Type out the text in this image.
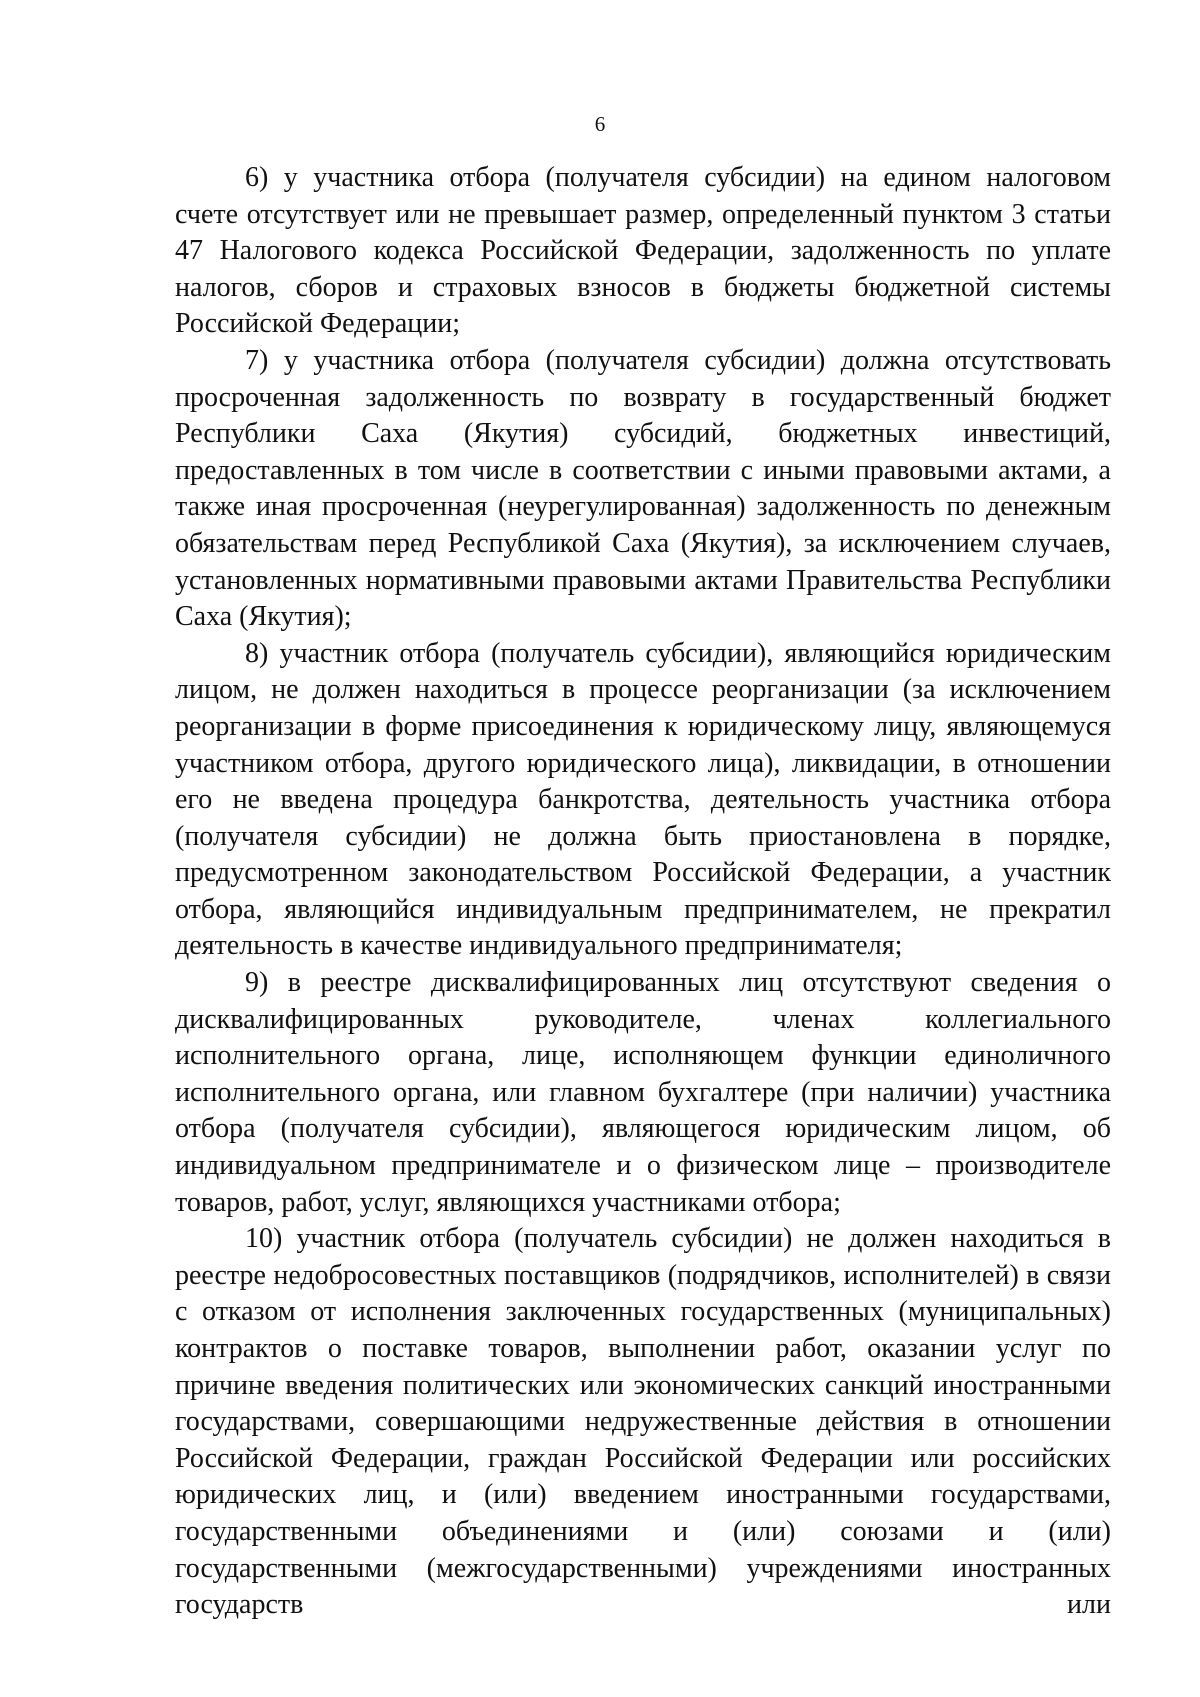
6

6) у участника отбора (получателя субсидии) на едином налоговом счете отсутствует или не превышает размер, определенный пунктом 3 статьи 47 Налогового кодекса Российской Федерации, задолженность по уплате налогов, сборов и страховых взносов в бюджеты бюджетной системы Российской Федерации;

7) у участника отбора (получателя субсидии) должна отсутствовать просроченная задолженность по возврату в государственный бюджет Республики Саха (Якутия) субсидий, бюджетных инвестиций, предоставленных в том числе в соответствии с иными правовыми актами, а также иная просроченная (неурегулированная) задолженность по денежным обязательствам перед Республикой Саха (Якутия), за исключением случаев, установленных нормативными правовыми актами Правительства Республики Саха (Якутия);

8) участник отбора (получатель субсидии), являющийся юридическим лицом, не должен находиться в процессе реорганизации (за исключением реорганизации в форме присоединения к юридическому лицу, являющемуся участником отбора, другого юридического лица), ликвидации, в отношении его не введена процедура банкротства, деятельность участника отбора (получателя субсидии) не должна быть приостановлена в порядке, предусмотренном законодательством Российской Федерации, а участник отбора, являющийся индивидуальным предпринимателем, не прекратил деятельность в качестве индивидуального предпринимателя;

9) в реестре дисквалифицированных лиц отсутствуют сведения о дисквалифицированных руководителе, членах коллегиального исполнительного органа, лице, исполняющем функции единоличного исполнительного органа, или главном бухгалтере (при наличии) участника отбора (получателя субсидии), являющегося юридическим лицом, об индивидуальном предпринимателе и о физическом лице – производителе товаров, работ, услуг, являющихся участниками отбора;

10) участник отбора (получатель субсидии) не должен находиться в реестре недобросовестных поставщиков (подрядчиков, исполнителей) в связи с отказом от исполнения заключенных государственных (муниципальных) контрактов о поставке товаров, выполнении работ, оказании услуг по причине введения политических или экономических санкций иностранными государствами, совершающими недружественные действия в отношении Российской Федерации, граждан Российской Федерации или российских юридических лиц, и (или) введением иностранными государствами, государственными объединениями и (или) союзами и (или) государственными (межгосударственными) учреждениями иностранных государств или
